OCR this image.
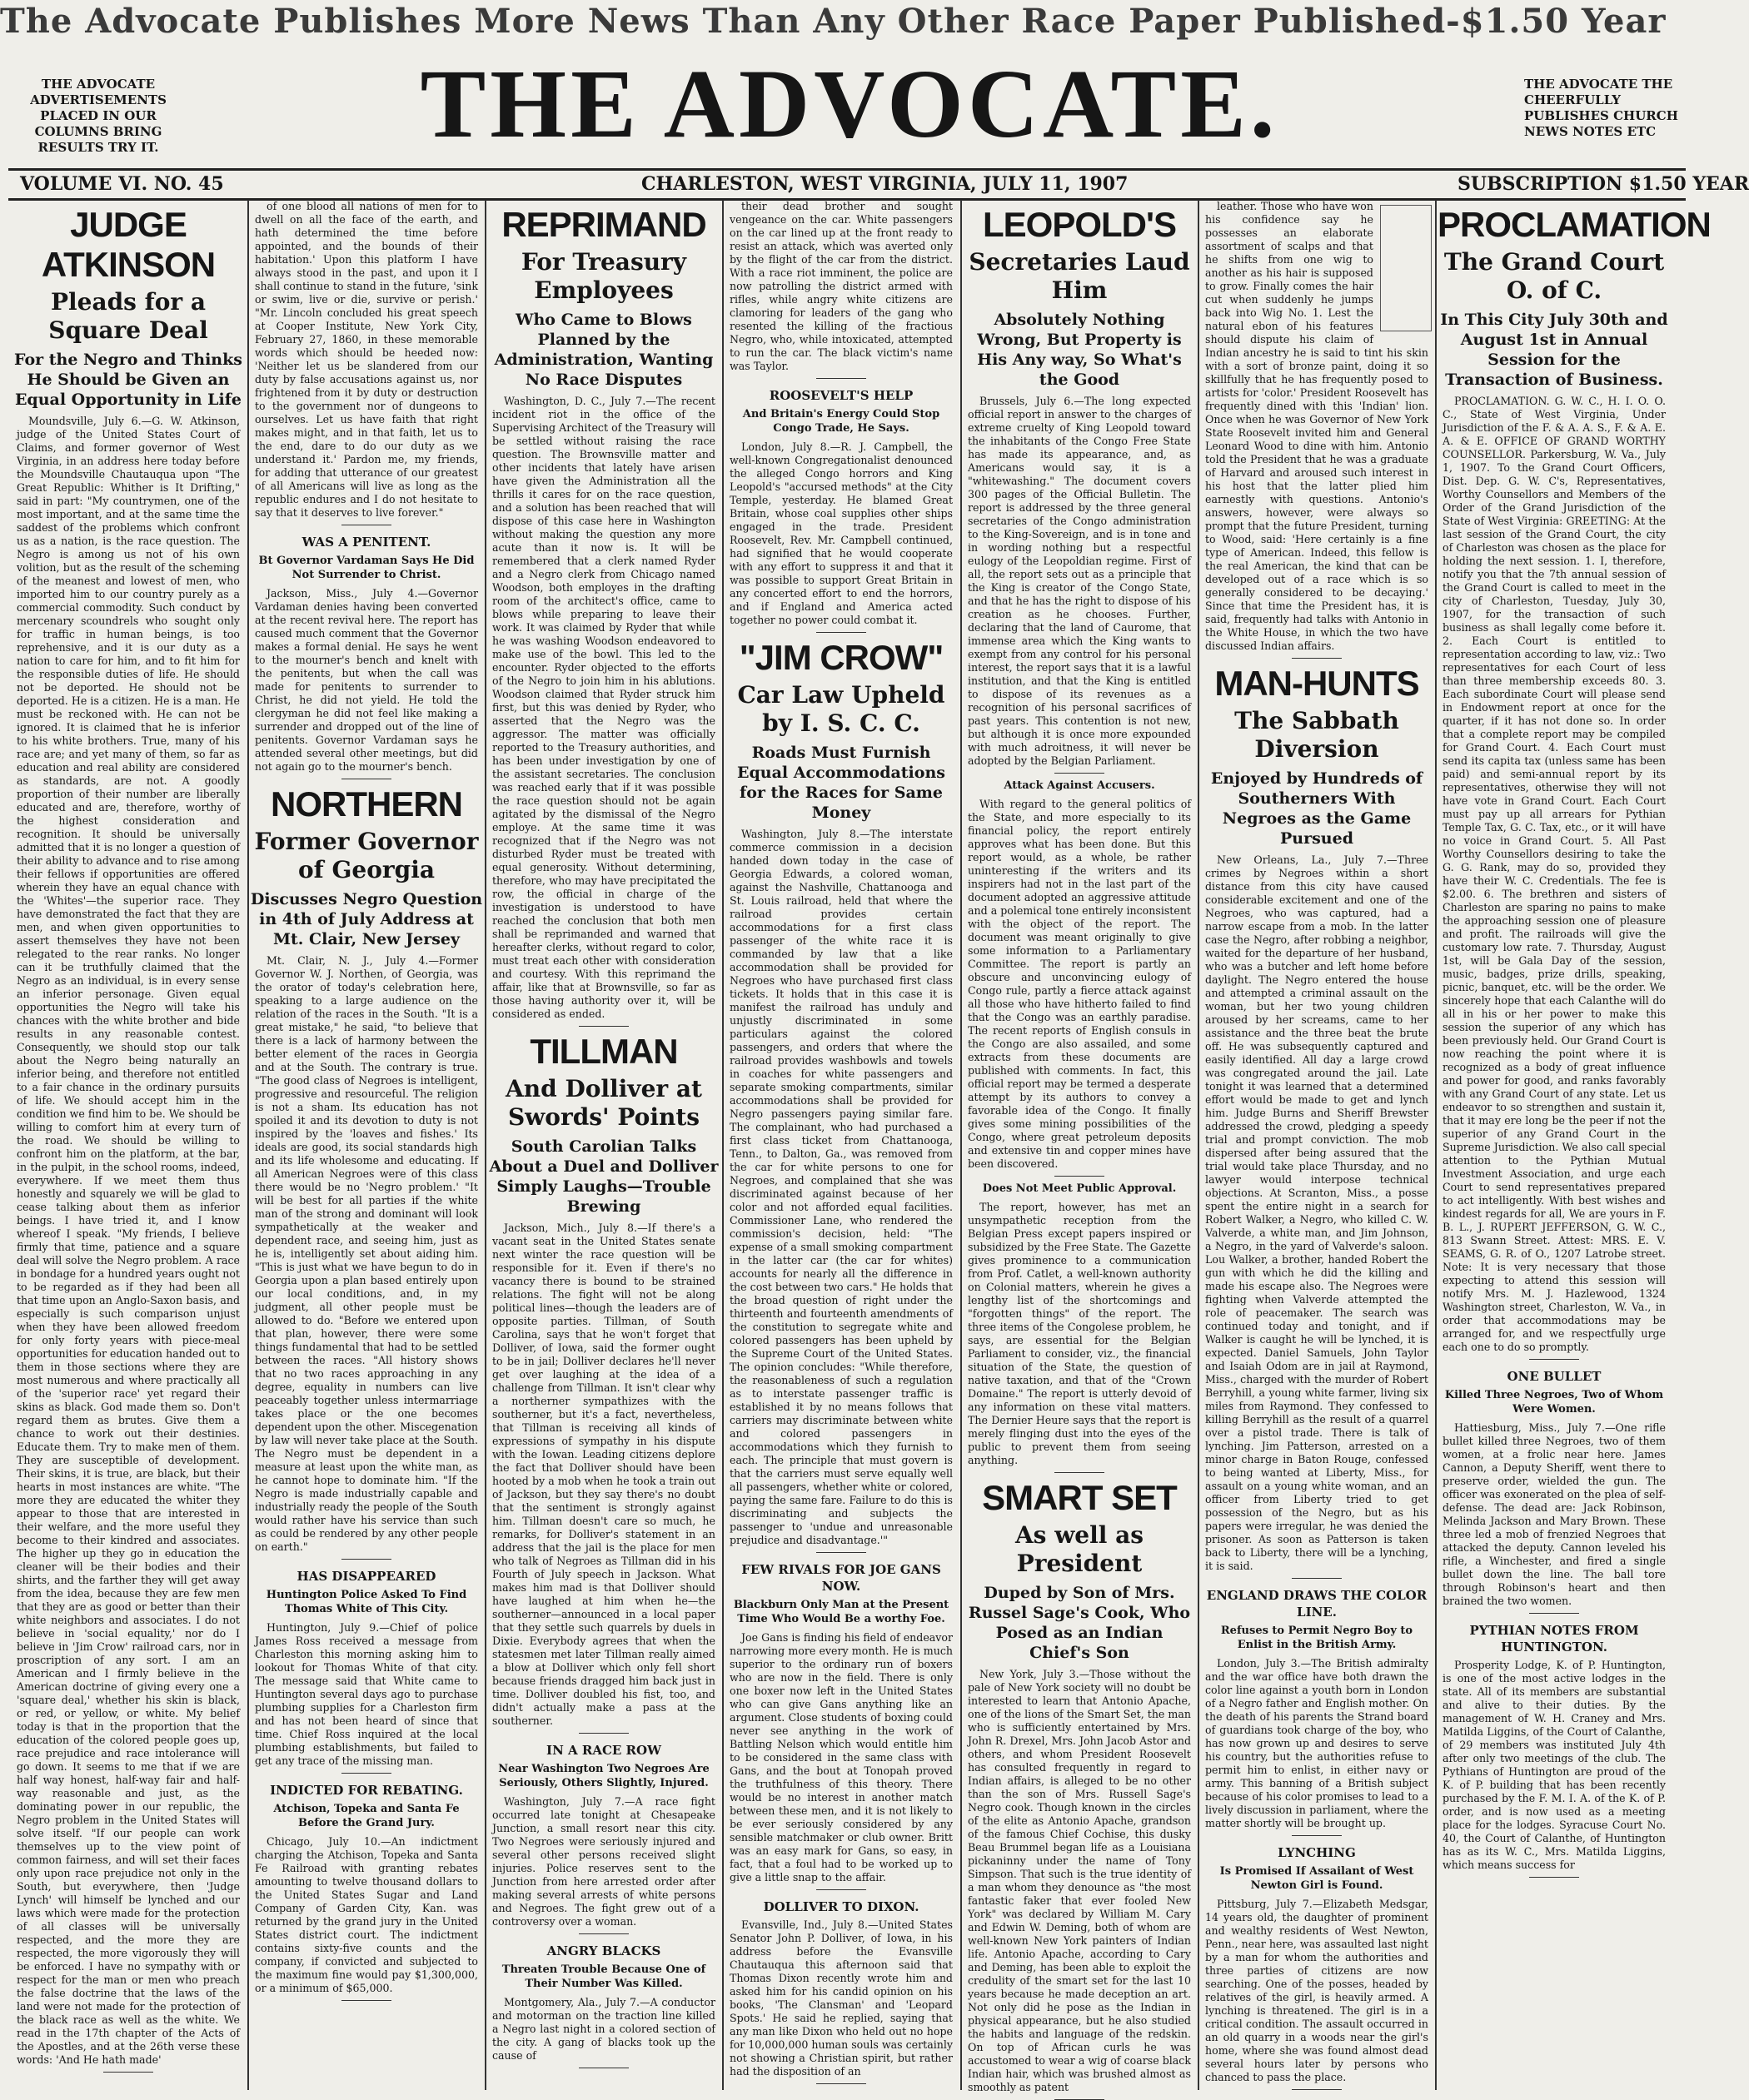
The Advocate Publishes More News Than Any Other Race Paper Published-$1.50 Year
THE ADVOCATE ADVERTISEMENTS PLACED IN OUR COLUMNS BRING RESULTS TRY IT.	THE ADVOCATE.	THE ADVOCATE THE CHEERFULLY PUBLISHES CHURCH NEWS NOTES ETC
VOLUME VI. NO. 45	CHARLESTON, WEST VIRGINIA, JULY 11, 1907	SUBSCRIPTION $1.50 YEAR
JUDGE ATKINSON
Pleads for a Square Deal
For the Negro and Thinks He Should be Given an Equal Opportunity in Life

Moundsville, July 6.—G. W. Atkinson, judge of the United States Court of Claims, and former governor of West Virginia, in an address here today before the Moundsville Chautauqua upon "The Great Republic: Whither is It Drifting," said in part: "My countrymen, one of the most important, and at the same time the saddest of the problems which confront us as a nation, is the race question. The Negro is among us not of his own volition, but as the result of the scheming of the meanest and lowest of men, who imported him to our country purely as a commercial commodity. Such conduct by mercenary scoundrels who sought only for traffic in human beings, is too reprehensive, and it is our duty as a nation to care for him, and to fit him for the responsible duties of life. He should not be deported. He should not be deported. He is a citizen. He is a man. He must be reckoned with. He can not be ignored. It is claimed that he is inferior to his white brothers. True, many of his race are; and yet many of them, so far as education and real ability are considered as standards, are not. A goodly proportion of their number are liberally educated and are, therefore, worthy of the highest consideration and recognition. It should be universally admitted that it is no longer a question of their ability to advance and to rise among their fellows if opportunities are offered wherein they have an equal chance with the 'Whites'—the superior race. They have demonstrated the fact that they are men, and when given opportunities to assert themselves they have not been relegated to the rear ranks. No longer can it be truthfully claimed that the Negro as an individual, is in every sense an inferior personage. Given equal opportunities the Negro will take his chances with the white brother and bide results in any reasonable contest. Consequently, we should stop our talk about the Negro being naturally an inferior being, and therefore not entitled to a fair chance in the ordinary pursuits of life. We should accept him in the condition we find him to be. We should be willing to comfort him at every turn of the road. We should be willing to confront him on the platform, at the bar, in the pulpit, in the school rooms, indeed, everywhere. If we meet them thus honestly and squarely we will be glad to cease talking about them as inferior beings. I have tried it, and I know whereof I speak. "My friends, I believe firmly that time, patience and a square deal will solve the Negro problem. A race in bondage for a hundred years ought not to be regarded as if they had been all that time upon an Anglo-Saxon basis, and especially is such comparison unjust when they have been allowed freedom for only forty years with piece-meal opportunities for education handed out to them in those sections where they are most numerous and where practically all of the 'superior race' yet regard their skins as black. God made them so. Don't regard them as brutes. Give them a chance to work out their destinies. Educate them. Try to make men of them. They are susceptible of development. Their skins, it is true, are black, but their hearts in most instances are white. "The more they are educated the whiter they appear to those that are interested in their welfare, and the more useful they become to their kindred and associates. The higher up they go in education the cleaner will be their bodies and their shirts, and the farther they will get away from the idea, because they are few men that they are as good or better than their white neighbors and associates. I do not believe in 'social equality,' nor do I believe in 'Jim Crow' railroad cars, nor in proscription of any sort. I am an American and I firmly believe in the American doctrine of giving every one a 'square deal,' whether his skin is black, or red, or yellow, or white. My belief today is that in the proportion that the education of the colored people goes up, race prejudice and race intolerance will go down. It seems to me that if we are half way honest, half-way fair and half-way reasonable and just, as the dominating power in our republic, the Negro problem in the United States will solve itself. "If our people can work themselves up to the view point of common fairness, and will set their faces only upon race prejudice not only in the South, but everywhere, then 'Judge Lynch' will himself be lynched and our laws which were made for the protection of all classes will be universally respected, and the more they are respected, the more vigorously they will be enforced. I have no sympathy with or respect for the man or men who preach the false doctrine that the laws of the land were not made for the protection of the black race as well as the white. We read in the 17th chapter of the Acts of the Apostles, and at the 26th verse these words: 'And He hath made'

of one blood all nations of men for to dwell on all the face of the earth, and hath determined the time before appointed, and the bounds of their habitation.' Upon this platform I have always stood in the past, and upon it I shall continue to stand in the future, 'sink or swim, live or die, survive or perish.' "Mr. Lincoln concluded his great speech at Cooper Institute, New York City, February 27, 1860, in these memorable words which should be heeded now: 'Neither let us be slandered from our duty by false accusations against us, nor frightened from it by duty or destruction to the government nor of dungeons to ourselves. Let us have faith that right makes might, and in that faith, let us to the end, dare to do our duty as we understand it.' Pardon me, my friends, for adding that utterance of our greatest of all Americans will live as long as the republic endures and I do not hesitate to say that it deserves to live forever."

WAS A PENITENT.
Bt Governor Vardaman Says He Did Not Surrender to Christ.

Jackson, Miss., July 4.—Governor Vardaman denies having been converted at the recent revival here. The report has caused much comment that the Governor makes a formal denial. He says he went to the mourner's bench and knelt with the penitents, but when the call was made for penitents to surrender to Christ, he did not yield. He told the clergyman he did not feel like making a surrender and dropped out of the line of penitents. Governor Vardaman says he attended several other meetings, but did not again go to the mourner's bench.

NORTHERN
Former Governor of Georgia
Discusses Negro Question in 4th of July Address at Mt. Clair, New Jersey

Mt. Clair, N. J., July 4.—Former Governor W. J. Northen, of Georgia, was the orator of today's celebration here, speaking to a large audience on the relation of the races in the South. "It is a great mistake," he said, "to believe that there is a lack of harmony between the better element of the races in Georgia and at the South. The contrary is true. "The good class of Negroes is intelligent, progressive and resourceful. The religion is not a sham. Its education has not spoiled it and its devotion to duty is not inspired by the 'loaves and fishes.' Its ideals are good, its social standards high and its life wholesome and educating. If all American Negroes were of this class there would be no 'Negro problem.' "It will be best for all parties if the white man of the strong and dominant will look sympathetically at the weaker and dependent race, and seeing him, just as he is, intelligently set about aiding him. "This is just what we have begun to do in Georgia upon a plan based entirely upon our local conditions, and, in my judgment, all other people must be allowed to do. "Before we entered upon that plan, however, there were some things fundamental that had to be settled between the races. "All history shows that no two races approaching in any degree, equality in numbers can live peaceably together unless intermarriage takes place or the one becomes dependent upon the other. Miscegenation by law will never take place at the South. The Negro must be dependent in a measure at least upon the white man, as he cannot hope to dominate him. "If the Negro is made industrially capable and industrially ready the people of the South would rather have his service than such as could be rendered by any other people on earth."

HAS DISAPPEARED
Huntington Police Asked To Find Thomas White of This City.

Huntington, July 9.—Chief of police James Ross received a message from Charleston this morning asking him to lookout for Thomas White of that city. The message said that White came to Huntington several days ago to purchase plumbing supplies for a Charleston firm and has not been heard of since that time. Chief Ross inquired at the local plumbing establishments, but failed to get any trace of the missing man.

INDICTED FOR REBATING.
Atchison, Topeka and Santa Fe Before the Grand Jury.

Chicago, July 10.—An indictment charging the Atchison, Topeka and Santa Fe Railroad with granting rebates amounting to twelve thousand dollars to the United States Sugar and Land Company of Garden City, Kan. was returned by the grand jury in the United States district court. The indictment contains sixty-five counts and the company, if convicted and subjected to the maximum fine would pay $1,300,000, or a minimum of $65,000.

REPRIMAND
For Treasury Employees
Who Came to Blows Planned by the Administration, Wanting No Race Disputes

Washington, D. C., July 7.—The recent incident riot in the office of the Supervising Architect of the Treasury will be settled without raising the race question. The Brownsville matter and other incidents that lately have arisen have given the Administration all the thrills it cares for on the race question, and a solution has been reached that will dispose of this case here in Washington without making the question any more acute than it now is. It will be remembered that a clerk named Ryder and a Negro clerk from Chicago named Woodson, both employes in the drafting room of the architect's office, came to blows while preparing to leave their work. It was claimed by Ryder that while he was washing Woodson endeavored to make use of the bowl. This led to the encounter. Ryder objected to the efforts of the Negro to join him in his ablutions. Woodson claimed that Ryder struck him first, but this was denied by Ryder, who asserted that the Negro was the aggressor. The matter was officially reported to the Treasury authorities, and has been under investigation by one of the assistant secretaries. The conclusion was reached early that if it was possible the race question should not be again agitated by the dismissal of the Negro employe. At the same time it was recognized that if the Negro was not disturbed Ryder must be treated with equal generosity. Without determining, therefore, who may have precipitated the row, the official in charge of the investigation is understood to have reached the conclusion that both men shall be reprimanded and warned that hereafter clerks, without regard to color, must treat each other with consideration and courtesy. With this reprimand the affair, like that at Brownsville, so far as those having authority over it, will be considered as ended.

TILLMAN
And Dolliver at Swords' Points
South Carolian Talks About a Duel and Dolliver Simply Laughs—Trouble Brewing

Jackson, Mich., July 8.—If there's a vacant seat in the United States senate next winter the race question will be responsible for it. Even if there's no vacancy there is bound to be strained relations. The fight will not be along political lines—though the leaders are of opposite parties. Tillman, of South Carolina, says that he won't forget that Dolliver, of Iowa, said the former ought to be in jail; Dolliver declares he'll never get over laughing at the idea of a challenge from Tillman. It isn't clear why a northerner sympathizes with the southerner, but it's a fact, nevertheless, that Tillman is receiving all kinds of expressions of sympathy in his dispute with the Iowan. Leading citizens deplore the fact that Dolliver should have been hooted by a mob when he took a train out of Jackson, but they say there's no doubt that the sentiment is strongly against him. Tillman doesn't care so much, he remarks, for Dolliver's statement in an address that the jail is the place for men who talk of Negroes as Tillman did in his Fourth of July speech in Jackson. What makes him mad is that Dolliver should have laughed at him when he—the southerner—announced in a local paper that they settle such quarrels by duels in Dixie. Everybody agrees that when the statesmen met later Tillman really aimed a blow at Dolliver which only fell short because friends dragged him back just in time. Dolliver doubled his fist, too, and didn't actually make a pass at the southerner.

IN A RACE ROW
Near Washington Two Negroes Are Seriously, Others Slightly, Injured.

Washington, July 7.—A race fight occurred late tonight at Chesapeake Junction, a small resort near this city. Two Negroes were seriously injured and several other persons received slight injuries. Police reserves sent to the Junction from here arrested order after making several arrests of white persons and Negroes. The fight grew out of a controversy over a woman.

ANGRY BLACKS
Threaten Trouble Because One of Their Number Was Killed.

Montgomery, Ala., July 7.—A conductor and motorman on the traction line killed a Negro last night in a colored section of the city. A gang of blacks took up the cause of

their dead brother and sought vengeance on the car. White passengers on the car lined up at the front ready to resist an attack, which was averted only by the flight of the car from the district. With a race riot imminent, the police are now patrolling the district armed with rifles, while angry white citizens are clamoring for leaders of the gang who resented the killing of the fractious Negro, who, while intoxicated, attempted to run the car. The black victim's name was Taylor.

ROOSEVELT'S HELP
And Britain's Energy Could Stop Congo Trade, He Says.

London, July 8.—R. J. Campbell, the well-known Congregationalist denounced the alleged Congo horrors and King Leopold's "accursed methods" at the City Temple, yesterday. He blamed Great Britain, whose coal supplies other ships engaged in the trade. President Roosevelt, Rev. Mr. Campbell continued, had signified that he would cooperate with any effort to suppress it and that it was possible to support Great Britain in any concerted effort to end the horrors, and if England and America acted together no power could combat it.

"JIM CROW"
Car Law Upheld by I. S. C. C.
Roads Must Furnish Equal Accommodations for the Races for Same Money

Washington, July 8.—The interstate commerce commission in a decision handed down today in the case of Georgia Edwards, a colored woman, against the Nashville, Chattanooga and St. Louis railroad, held that where the railroad provides certain accommodations for a first class passenger of the white race it is commanded by law that a like accommodation shall be provided for Negroes who have purchased first class tickets. It holds that in this case it is manifest the railroad has unduly and unjustly discriminated in some particulars against the colored passengers, and orders that where the railroad provides washbowls and towels in coaches for white passengers and separate smoking compartments, similar accommodations shall be provided for Negro passengers paying similar fare. The complainant, who had purchased a first class ticket from Chattanooga, Tenn., to Dalton, Ga., was removed from the car for white persons to one for Negroes, and complained that she was discriminated against because of her color and not afforded equal facilities. Commissioner Lane, who rendered the commission's decision, held: "The expense of a small smoking compartment in the latter car (the car for whites) accounts for nearly all the difference in the cost between two cars." He holds that the broad question of right under the thirteenth and fourteenth amendments of the constitution to segregate white and colored passengers has been upheld by the Supreme Court of the United States. The opinion concludes: "While therefore, the reasonableness of such a regulation as to interstate passenger traffic is established it by no means follows that carriers may discriminate between white and colored passengers in accommodations which they furnish to each. The principle that must govern is that the carriers must serve equally well all passengers, whether white or colored, paying the same fare. Failure to do this is discriminating and subjects the passenger to 'undue and unreasonable prejudice and disadvantage.'"

FEW RIVALS FOR JOE GANS NOW.
Blackburn Only Man at the Present Time Who Would Be a worthy Foe.

Joe Gans is finding his field of endeavor narrowing more every month. He is much superior to the ordinary run of boxers who are now in the field. There is only one boxer now left in the United States who can give Gans anything like an argument. Close students of boxing could never see anything in the work of Battling Nelson which would entitle him to be considered in the same class with Gans, and the bout at Tonopah proved the truthfulness of this theory. There would be no interest in another match between these men, and it is not likely to be ever seriously considered by any sensible matchmaker or club owner. Britt was an easy mark for Gans, so easy, in fact, that a foul had to be worked up to give a little snap to the affair.

DOLLIVER TO DIXON.

Evansville, Ind., July 8.—United States Senator John P. Dolliver, of Iowa, in his address before the Evansville Chautauqua this afternoon said that Thomas Dixon recently wrote him and asked him for his candid opinion on his books, 'The Clansman' and 'Leopard Spots.' He said he replied, saying that any man like Dixon who held out no hope for 10,000,000 human souls was certainly not showing a Christian spirit, but rather had the disposition of an

LEOPOLD'S
Secretaries Laud Him
Absolutely Nothing Wrong, But Property is His Any way, So What's the Good

Brussels, July 6.—The long expected official report in answer to the charges of extreme cruelty of King Leopold toward the inhabitants of the Congo Free State has made its appearance, and, as Americans would say, it is a "whitewashing." The document covers 300 pages of the Official Bulletin. The report is addressed by the three general secretaries of the Congo administration to the King-Sovereign, and is in tone and in wording nothing but a respectful eulogy of the Leopoldian regime. First of all, the report sets out as a principle that the King is creator of the Congo State, and that he has the right to dispose of his creation as he chooses. Further, declaring that the land of Caurome, that immense area which the King wants to exempt from any control for his personal interest, the report says that it is a lawful institution, and that the King is entitled to dispose of its revenues as a recognition of his personal sacrifices of past years. This contention is not new, but although it is once more expounded with much adroitness, it will never be adopted by the Belgian Parliament.

Attack Against Accusers.

With regard to the general politics of the State, and more especially to its financial policy, the report entirely approves what has been done. But this report would, as a whole, be rather uninteresting if the writers and its inspirers had not in the last part of the document adopted an aggressive attitude and a polemical tone entirely inconsistent with the object of the report. The document was meant originally to give some information to a Parliamentary Committee. The report is partly an obscure and unconvincing eulogy of Congo rule, partly a fierce attack against all those who have hitherto failed to find that the Congo was an earthly paradise. The recent reports of English consuls in the Congo are also assailed, and some extracts from these documents are published with comments. In fact, this official report may be termed a desperate attempt by its authors to convey a favorable idea of the Congo. It finally gives some mining possibilities of the Congo, where great petroleum deposits and extensive tin and copper mines have been discovered.

Does Not Meet Public Approval.

The report, however, has met an unsympathetic reception from the Belgian Press except papers inspired or subsidized by the Free State. The Gazette gives prominence to a communication from Prof. Catlet, a well-known authority on Colonial matters, wherein he gives a lengthy list of the shortcomings and "forgotten things" of the report. The three items of the Congolese problem, he says, are essential for the Belgian Parliament to consider, viz., the financial situation of the State, the question of native taxation, and that of the "Crown Domaine." The report is utterly devoid of any information on these vital matters. The Dernier Heure says that the report is merely flinging dust into the eyes of the public to prevent them from seeing anything.

SMART SET
As well as President
Duped by Son of Mrs. Russel Sage's Cook, Who Posed as an Indian Chief's Son

New York, July 3.—Those without the pale of New York society will no doubt be interested to learn that Antonio Apache, one of the lions of the Smart Set, the man who is sufficiently entertained by Mrs. John R. Drexel, Mrs. John Jacob Astor and others, and whom President Roosevelt has consulted frequently in regard to Indian affairs, is alleged to be no other than the son of Mrs. Russell Sage's Negro cook. Though known in the circles of the elite as Antonio Apache, grandson of the famous Chief Cochise, this dusky Beau Brummel began life as a Louisiana pickaninny under the name of Tony Simpson. That such is the true identity of a man whom they denounce as "the most fantastic faker that ever fooled New York" was declared by William M. Cary and Edwin W. Deming, both of whom are well-known New York painters of Indian life. Antonio Apache, according to Cary and Deming, has been able to exploit the credulity of the smart set for the last 10 years because he made deception an art. Not only did he pose as the Indian in physical appearance, but he also studied the habits and language of the redskin. On top of African curls he was accustomed to wear a wig of coarse black Indian hair, which was brushed almost as smoothly as patent

leather. Those who have won his confidence say he possesses an elaborate assortment of scalps and that he shifts from one wig to another as his hair is supposed to grow. Finally comes the hair cut when suddenly he jumps back into Wig No. 1. Lest the natural ebon of his features should dispute his claim of Indian ancestry he is said to tint his skin with a sort of bronze paint, doing it so skillfully that he has frequently posed to artists for 'color.' President Roosevelt has frequently dined with this 'Indian' lion. Once when he was Governor of New York State Roosevelt invited him and General Leonard Wood to dine with him. Antonio told the President that he was a graduate of Harvard and aroused such interest in his host that the latter plied him earnestly with questions. Antonio's answers, however, were always so prompt that the future President, turning to Wood, said: 'Here certainly is a fine type of American. Indeed, this fellow is the real American, the kind that can be developed out of a race which is so generally considered to be decaying.' Since that time the President has, it is said, frequently had talks with Antonio in the White House, in which the two have discussed Indian affairs.

MAN-HUNTS
The Sabbath Diversion
Enjoyed by Hundreds of Southerners With Negroes as the Game Pursued

New Orleans, La., July 7.—Three crimes by Negroes within a short distance from this city have caused considerable excitement and one of the Negroes, who was captured, had a narrow escape from a mob. In the latter case the Negro, after robbing a neighbor, waited for the departure of her husband, who was a butcher and left home before daylight. The Negro entered the house and attempted a criminal assault on the woman, but her two young children aroused by her screams, came to her assistance and the three beat the brute off. He was subsequently captured and easily identified. All day a large crowd was congregated around the jail. Late tonight it was learned that a determined effort would be made to get and lynch him. Judge Burns and Sheriff Brewster addressed the crowd, pledging a speedy trial and prompt conviction. The mob dispersed after being assured that the trial would take place Thursday, and no lawyer would interpose technical objections. At Scranton, Miss., a posse spent the entire night in a search for Robert Walker, a Negro, who killed C. W. Valverde, a white man, and Jim Johnson, a Negro, in the yard of Valverde's saloon. Lou Walker, a brother, handed Robert the gun with which he did the killing and made his escape also. The Negroes were fighting when Valverde attempted the role of peacemaker. The search was continued today and tonight, and if Walker is caught he will be lynched, it is expected. Daniel Samuels, John Taylor and Isaiah Odom are in jail at Raymond, Miss., charged with the murder of Robert Berryhill, a young white farmer, living six miles from Raymond. They confessed to killing Berryhill as the result of a quarrel over a pistol trade. There is talk of lynching. Jim Patterson, arrested on a minor charge in Baton Rouge, confessed to being wanted at Liberty, Miss., for assault on a young white woman, and an officer from Liberty tried to get possession of the Negro, but as his papers were irregular, he was denied the prisoner. As soon as Patterson is taken back to Liberty, there will be a lynching, it is said.

ENGLAND DRAWS THE COLOR LINE.
Refuses to Permit Negro Boy to Enlist in the British Army.

London, July 3.—The British admiralty and the war office have both drawn the color line against a youth born in London of a Negro father and English mother. On the death of his parents the Strand board of guardians took charge of the boy, who has now grown up and desires to serve his country, but the authorities refuse to permit him to enlist, in either navy or army. This banning of a British subject because of his color promises to lead to a lively discussion in parliament, where the matter shortly will be brought up.

LYNCHING
Is Promised If Assailant of West Newton Girl is Found.

Pittsburg, July 7.—Elizabeth Medsgar, 14 years old, the daughter of prominent and wealthy residents of West Newton, Penn., near here, was assaulted last night by a man for whom the authorities and three parties of citizens are now searching. One of the posses, headed by relatives of the girl, is heavily armed. A lynching is threatened. The girl is in a critical condition. The assault occurred in an old quarry in a woods near the girl's home, where she was found almost dead several hours later by persons who chanced to pass the place.

PROCLAMATION
The Grand Court O. of C.
In This City July 30th and August 1st in Annual Session for the Transaction of Business.

PROCLAMATION. G. W. C., H. I. O. O. C., State of West Virginia, Under Jurisdiction of the F. & A. A. S., F. & A. E. A. & E. OFFICE OF GRAND WORTHY COUNSELLOR. Parkersburg, W. Va., July 1, 1907. To the Grand Court Officers, Dist. Dep. G. W. C's, Representatives, Worthy Counsellors and Members of the Order of the Grand Jurisdiction of the State of West Virginia: GREETING: At the last session of the Grand Court, the city of Charleston was chosen as the place for holding the next session. 1. I, therefore, notify you that the 7th annual session of the Grand Court is called to meet in the city of Charleston, Tuesday, July 30, 1907, for the transaction of such business as shall legally come before it. 2. Each Court is entitled to representation according to law, viz.: Two representatives for each Court of less than three membership exceeds 80. 3. Each subordinate Court will please send in Endowment report at once for the quarter, if it has not done so. In order that a complete report may be compiled for Grand Court. 4. Each Court must send its capita tax (unless same has been paid) and semi-annual report by its representatives, otherwise they will not have vote in Grand Court. Each Court must pay up all arrears for Pythian Temple Tax, G. C. Tax, etc., or it will have no voice in Grand Court. 5. All Past Worthy Counsellors desiring to take the G. G. Rank, may do so, provided they have their W. C. Credentials. The fee is $2.00. 6. The brethren and sisters of Charleston are sparing no pains to make the approaching session one of pleasure and profit. The railroads will give the customary low rate. 7. Thursday, August 1st, will be Gala Day of the session, music, badges, prize drills, speaking, picnic, banquet, etc. will be the order. We sincerely hope that each Calanthe will do all in his or her power to make this session the superior of any which has been previously held. Our Grand Court is now reaching the point where it is recognized as a body of great influence and power for good, and ranks favorably with any Grand Court of any state. Let us endeavor to so strengthen and sustain it, that it may ere long be the peer if not the superior of any Grand Court in the Supreme Jurisdiction. We also call special attention to the Pythian Mutual Investment Association, and urge each Court to send representatives prepared to act intelligently. With best wishes and kindest regards for all, We are yours in F. B. L., J. RUPERT JEFFERSON, G. W. C., 813 Swann Street. Attest: MRS. E. V. SEAMS, G. R. of O., 1207 Latrobe street. Note: It is very necessary that those expecting to attend this session will notify Mrs. M. J. Hazlewood, 1324 Washington street, Charleston, W. Va., in order that accommodations may be arranged for, and we respectfully urge each one to do so promptly.

ONE BULLET
Killed Three Negroes, Two of Whom Were Women.

Hattiesburg, Miss., July 7.—One rifle bullet killed three Negroes, two of them women, at a frolic near here. James Cannon, a Deputy Sheriff, went there to preserve order, wielded the gun. The officer was exonerated on the plea of self-defense. The dead are: Jack Robinson, Melinda Jackson and Mary Brown. These three led a mob of frenzied Negroes that attacked the deputy. Cannon leveled his rifle, a Winchester, and fired a single bullet down the line. The ball tore through Robinson's heart and then brained the two women.

PYTHIAN NOTES FROM HUNTINGTON.

Prosperity Lodge, K. of P. Huntington, is one of the most active lodges in the state. All of its members are substantial and alive to their duties. By the management of W. H. Craney and Mrs. Matilda Liggins, of the Court of Calanthe, of 29 members was instituted July 4th after only two meetings of the club. The Pythians of Huntington are proud of the K. of P. building that has been recently purchased by the F. M. I. A. of the K. of P. order, and is now used as a meeting place for the lodges. Syracuse Court No. 40, the Court of Calanthe, of Huntington has as its W. C., Mrs. Matilda Liggins, which means success for
